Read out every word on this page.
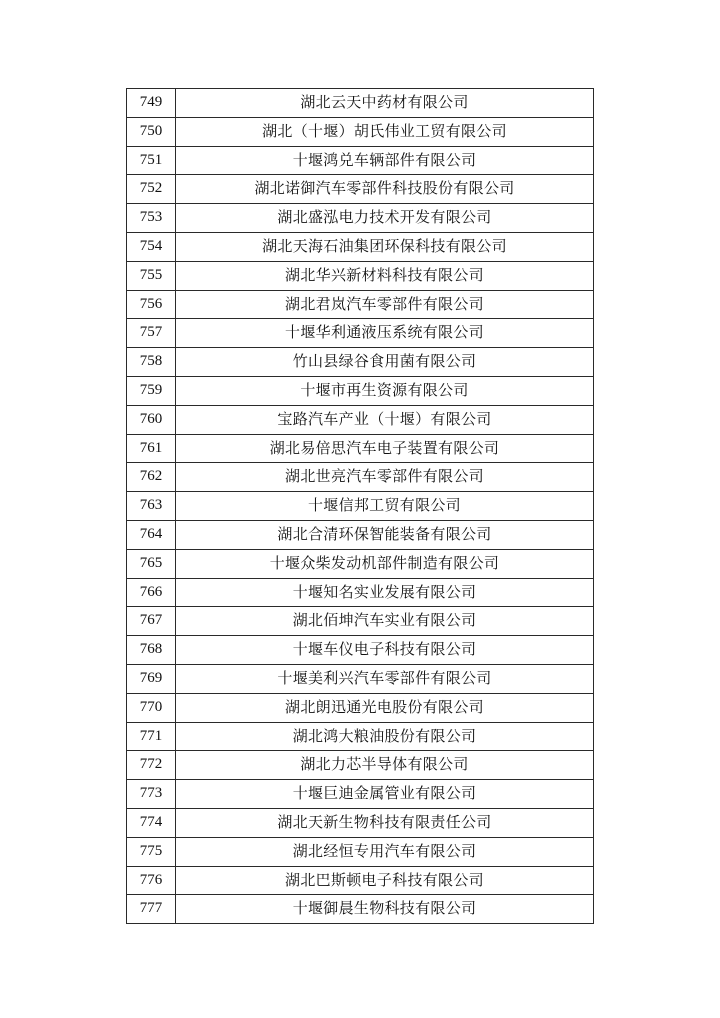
749	湖北云天中药材有限公司
750	湖北（十堰）胡氏伟业工贸有限公司
751	十堰鸿兑车辆部件有限公司
752	湖北诺御汽车零部件科技股份有限公司
753	湖北盛泓电力技术开发有限公司
754	湖北天海石油集团环保科技有限公司
755	湖北华兴新材料科技有限公司
756	湖北君岚汽车零部件有限公司
757	十堰华利通液压系统有限公司
758	竹山县绿谷食用菌有限公司
759	十堰市再生资源有限公司
760	宝路汽车产业（十堰）有限公司
761	湖北易倍思汽车电子装置有限公司
762	湖北世亮汽车零部件有限公司
763	十堰信邦工贸有限公司
764	湖北合清环保智能装备有限公司
765	十堰众柴发动机部件制造有限公司
766	十堰知名实业发展有限公司
767	湖北佰坤汽车实业有限公司
768	十堰车仪电子科技有限公司
769	十堰美利兴汽车零部件有限公司
770	湖北朗迅通光电股份有限公司
771	湖北鸿大粮油股份有限公司
772	湖北力芯半导体有限公司
773	十堰巨迪金属管业有限公司
774	湖北天新生物科技有限责任公司
775	湖北经恒专用汽车有限公司
776	湖北巴斯顿电子科技有限公司
777	十堰御晨生物科技有限公司
